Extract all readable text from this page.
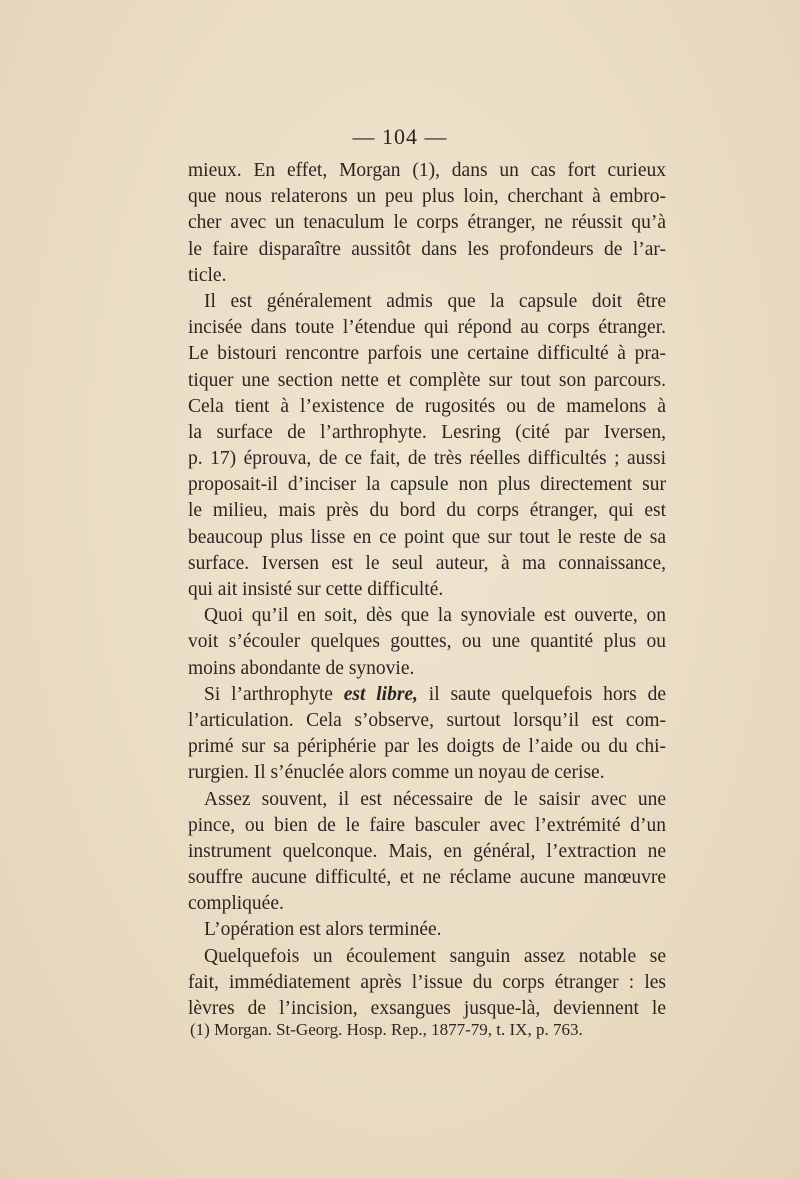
— 104 —
mieux. En effet, Morgan (1), dans un cas fort curieux
que nous relaterons un peu plus loin, cherchant à embro-
cher avec un tenaculum le corps étranger, ne réussit qu’à
le faire disparaître aussitôt dans les profondeurs de l’ar-
ticle.
Il est généralement admis que la capsule doit être
incisée dans toute l’étendue qui répond au corps étranger.
Le bistouri rencontre parfois une certaine difficulté à pra-
tiquer une section nette et complète sur tout son parcours.
Cela tient à l’existence de rugosités ou de mamelons à
la surface de l’arthrophyte. Lesring (cité par Iversen,
p. 17) éprouva, de ce fait, de très réelles difficultés ; aussi
proposait-il d’inciser la capsule non plus directement sur
le milieu, mais près du bord du corps étranger, qui est
beaucoup plus lisse en ce point que sur tout le reste de sa
surface. Iversen est le seul auteur, à ma connaissance,
qui ait insisté sur cette difficulté.
Quoi qu’il en soit, dès que la synoviale est ouverte, on
voit s’écouler quelques gouttes, ou une quantité plus ou
moins abondante de synovie.
Si l’arthrophyte est libre, il saute quelquefois hors de
l’articulation. Cela s’observe, surtout lorsqu’il est com-
primé sur sa périphérie par les doigts de l’aide ou du chi-
rurgien. Il s’énuclée alors comme un noyau de cerise.
Assez souvent, il est nécessaire de le saisir avec une
pince, ou bien de le faire basculer avec l’extrémité d’un
instrument quelconque. Mais, en général, l’extraction ne
souffre aucune difficulté, et ne réclame aucune manœuvre
compliquée.
L’opération est alors terminée.
Quelquefois un écoulement sanguin assez notable se
fait, immédiatement après l’issue du corps étranger : les
lèvres de l’incision, exsangues jusque-là, deviennent le
(1) Morgan. St-Georg. Hosp. Rep., 1877-79, t. IX, p. 763.
